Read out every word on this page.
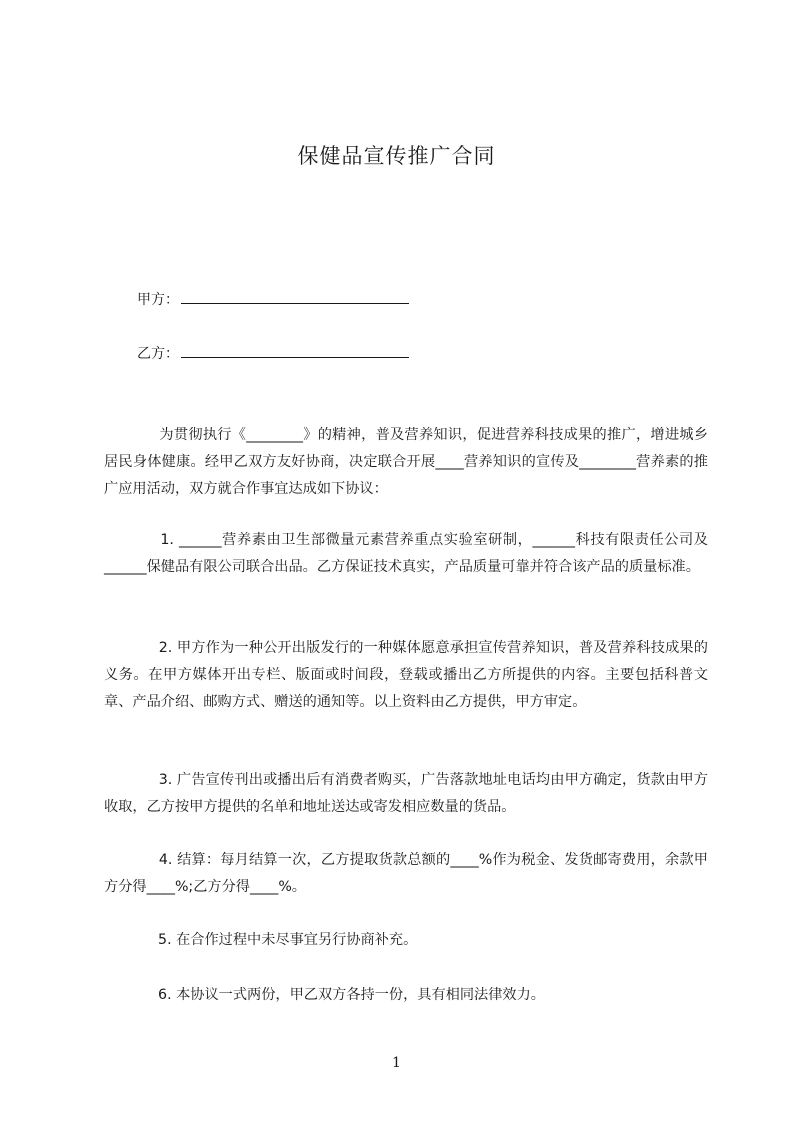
保健品宣传推广合同
甲方：
乙方：

为贯彻执行《________》的精神，普及营养知识，促进营养科技成果的推广，增进城乡居民身体健康。经甲乙双方友好协商，决定联合开展____营养知识的宣传及________营养素的推广应用活动，双方就合作事宜达成如下协议：

1. ______营养素由卫生部微量元素营养重点实验室研制，______科技有限责任公司及______保健品有限公司联合出品。乙方保证技术真实，产品质量可靠并符合该产品的质量标准。

2. 甲方作为一种公开出版发行的一种媒体愿意承担宣传营养知识，普及营养科技成果的义务。在甲方媒体开出专栏、版面或时间段，登载或播出乙方所提供的内容。主要包括科普文章、产品介绍、邮购方式、赠送的通知等。以上资料由乙方提供，甲方审定。

3. 广告宣传刊出或播出后有消费者购买，广告落款地址电话均由甲方确定，货款由甲方收取，乙方按甲方提供的名单和地址送达或寄发相应数量的货品。

4. 结算：每月结算一次，乙方提取货款总额的____%作为税金、发货邮寄费用，余款甲方分得____%;乙方分得____%。

5. 在合作过程中未尽事宜另行协商补充。

6. 本协议一式两份，甲乙双方各持一份，具有相同法律效力。

1
